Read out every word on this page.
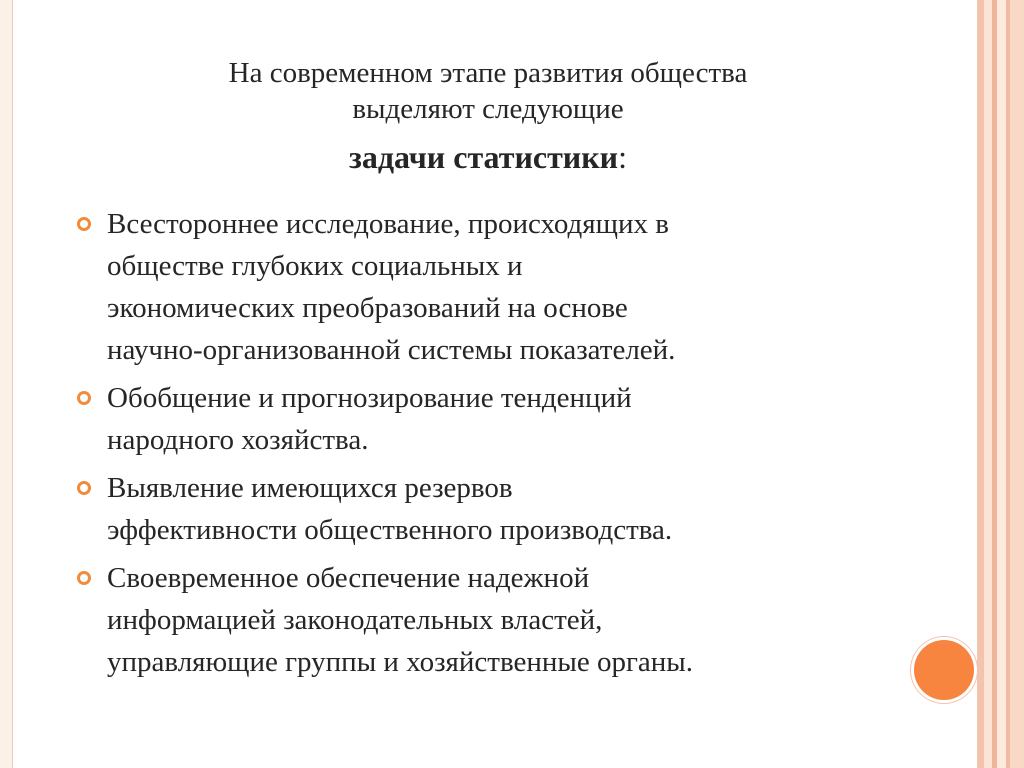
На современном этапе развития общества
выделяют следующие
задачи статистики:
Всестороннее исследование, происходящих в
обществе глубоких социальных и
экономических преобразований на основе
научно-организованной системы показателей.
Обобщение и прогнозирование тенденций
народного хозяйства.
Выявление имеющихся резервов
эффективности общественного производства.
Своевременное обеспечение надежной
информацией законодательных властей,
управляющие группы и хозяйственные органы.
